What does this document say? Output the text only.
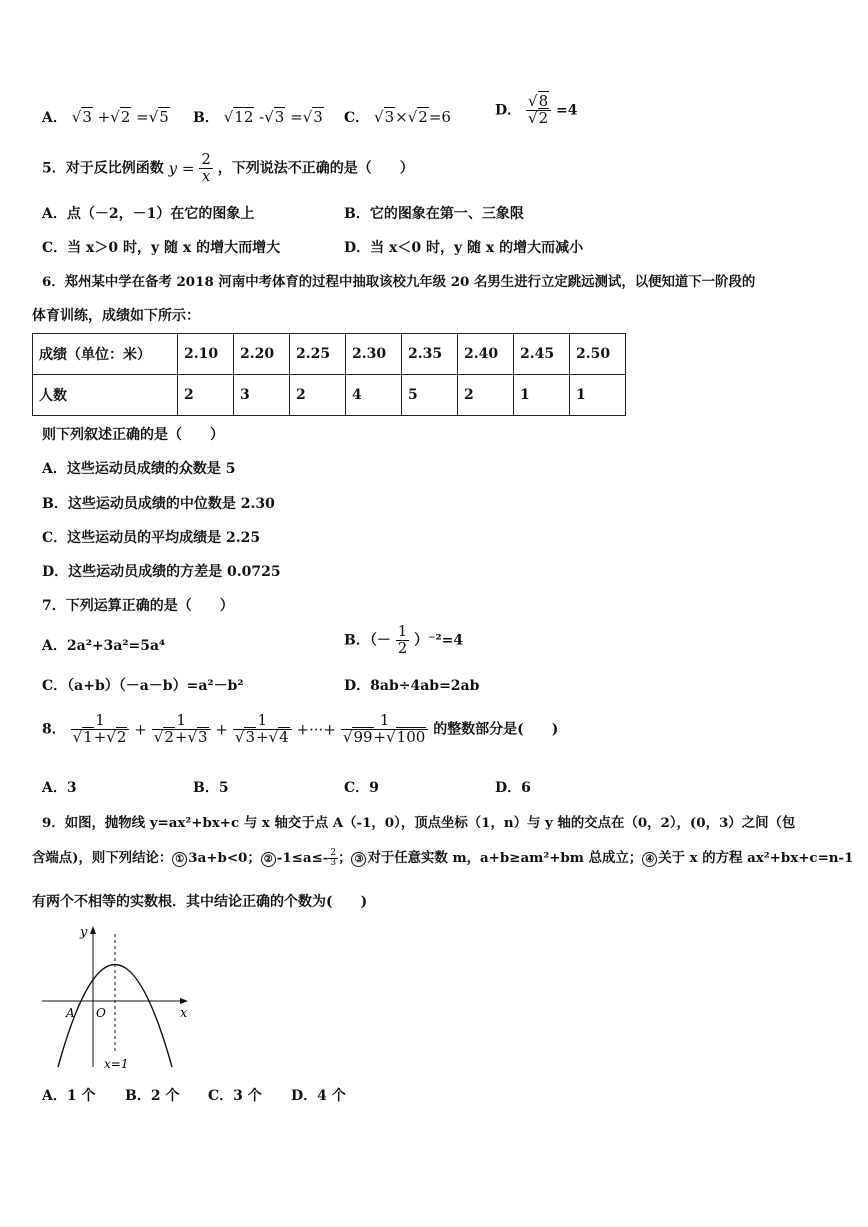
A． √3 +√2 =√5 B． √12 -√3 =√3 C． √3×√2=6	D． $\frac{√8}{√2} =4$
5．对于反比例函数 $y = \frac{2}{x}$ ，下列说法不正确的是（　　）
A．点（－2，－1）在它的图象上	B．它的图象在第一、三象限
C．当 x＞0 时，y 随 x 的增大而增大	D．当 x＜0 时，y 随 x 的增大而减小
6．郑州某中学在备考 2018 河南中考体育的过程中抽取该校九年级 20 名男生进行立定跳远测试，以便知道下一阶段的
体育训练，成绩如下所示：
成绩（单位：米）	2.10	2.20	2.25	2.30	2.35	2.40	2.45	2.50
人数	2	3	2	4	5	2	1	1
则下列叙述正确的是（　　）
A．这些运动员成绩的众数是 5
B．这些运动员成绩的中位数是 2.30
C．这些运动员的平均成绩是 2.25
D．这些运动员成绩的方差是 0.0725
7．下列运算正确的是（　　）
A．2a²+3a²=5a⁴	B．（－ $\frac{1}{2} )^{-2}=4$
C．（a+b）（－a－b）=a²－b²	D．8ab÷4ab=2ab
8． $\frac{1}{√1+√2} + \frac{1}{√2+√3} + \frac{1}{√3+√4}$ +···+ $\frac{1}{√99+√100}$ 的整数部分是(　　)
A．3	B．5	C．9	D．6
9．如图，抛物线 y=ax²+bx+c 与 x 轴交于点 A（-1，0），顶点坐标（1，n）与 y 轴的交点在（0，2），(0，3）之间（包
含端点)，则下列结论： ① 3a+b<0； ② $-1\le a\le- \frac{2}{3}$ ； ③ 对于任意实数 m，a+b≥am²+bm 总成立； ④ 关于 x 的方程 ax²+bx+c=n-1
有两个不相等的实数根．其中结论正确的个数为(　　)
y
x
A O
x=1
A．1 个 B．2 个 C．3 个 D．4 个
